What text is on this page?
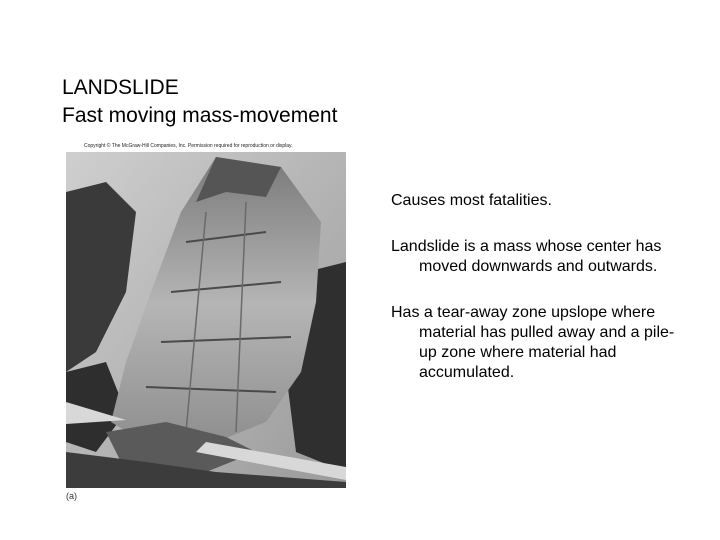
LANDSLIDE
Fast moving mass-movement
Copyright © The McGraw-Hill Companies, Inc. Permission required for reproduction or display.
(a)
Causes most fatalities.
Landslide is a mass whose center has moved downwards and outwards.
Has a tear-away zone upslope where material has pulled away and a pile-up zone where material had accumulated.
